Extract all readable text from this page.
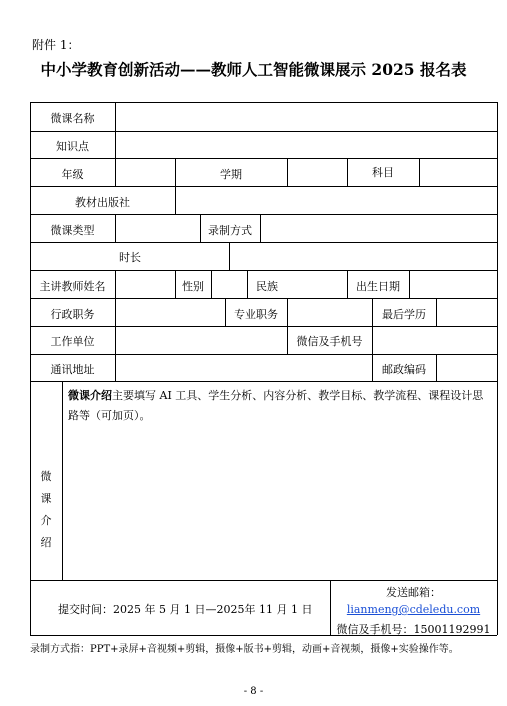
附件 1：
中小学教育创新活动——教师人工智能微课展示 2025 报名表
微课名称
知识点
年级	学期	科目
教材出版社
微课类型	录制方式
时长
主讲教师姓名	性别	民族	出生日期
行政职务	专业职务	最后学历
工作单位	微信及手机号
通讯地址	邮政编码
微课
介绍
微课介绍主要填写 AI 工具、学生分析、内容分析、教学目标、教学流程、课程设计思路等（可加页）。
提交时间：2025 年 5 月 1 日—2025年 11 月 1 日
发送邮箱：
lianmeng@cdeledu.com
微信及手机号：15001192991
录制方式指：PPT+录屏+音视频+剪辑，摄像+版书+剪辑，动画+音视频，摄像+实验操作等。
- 8 -
